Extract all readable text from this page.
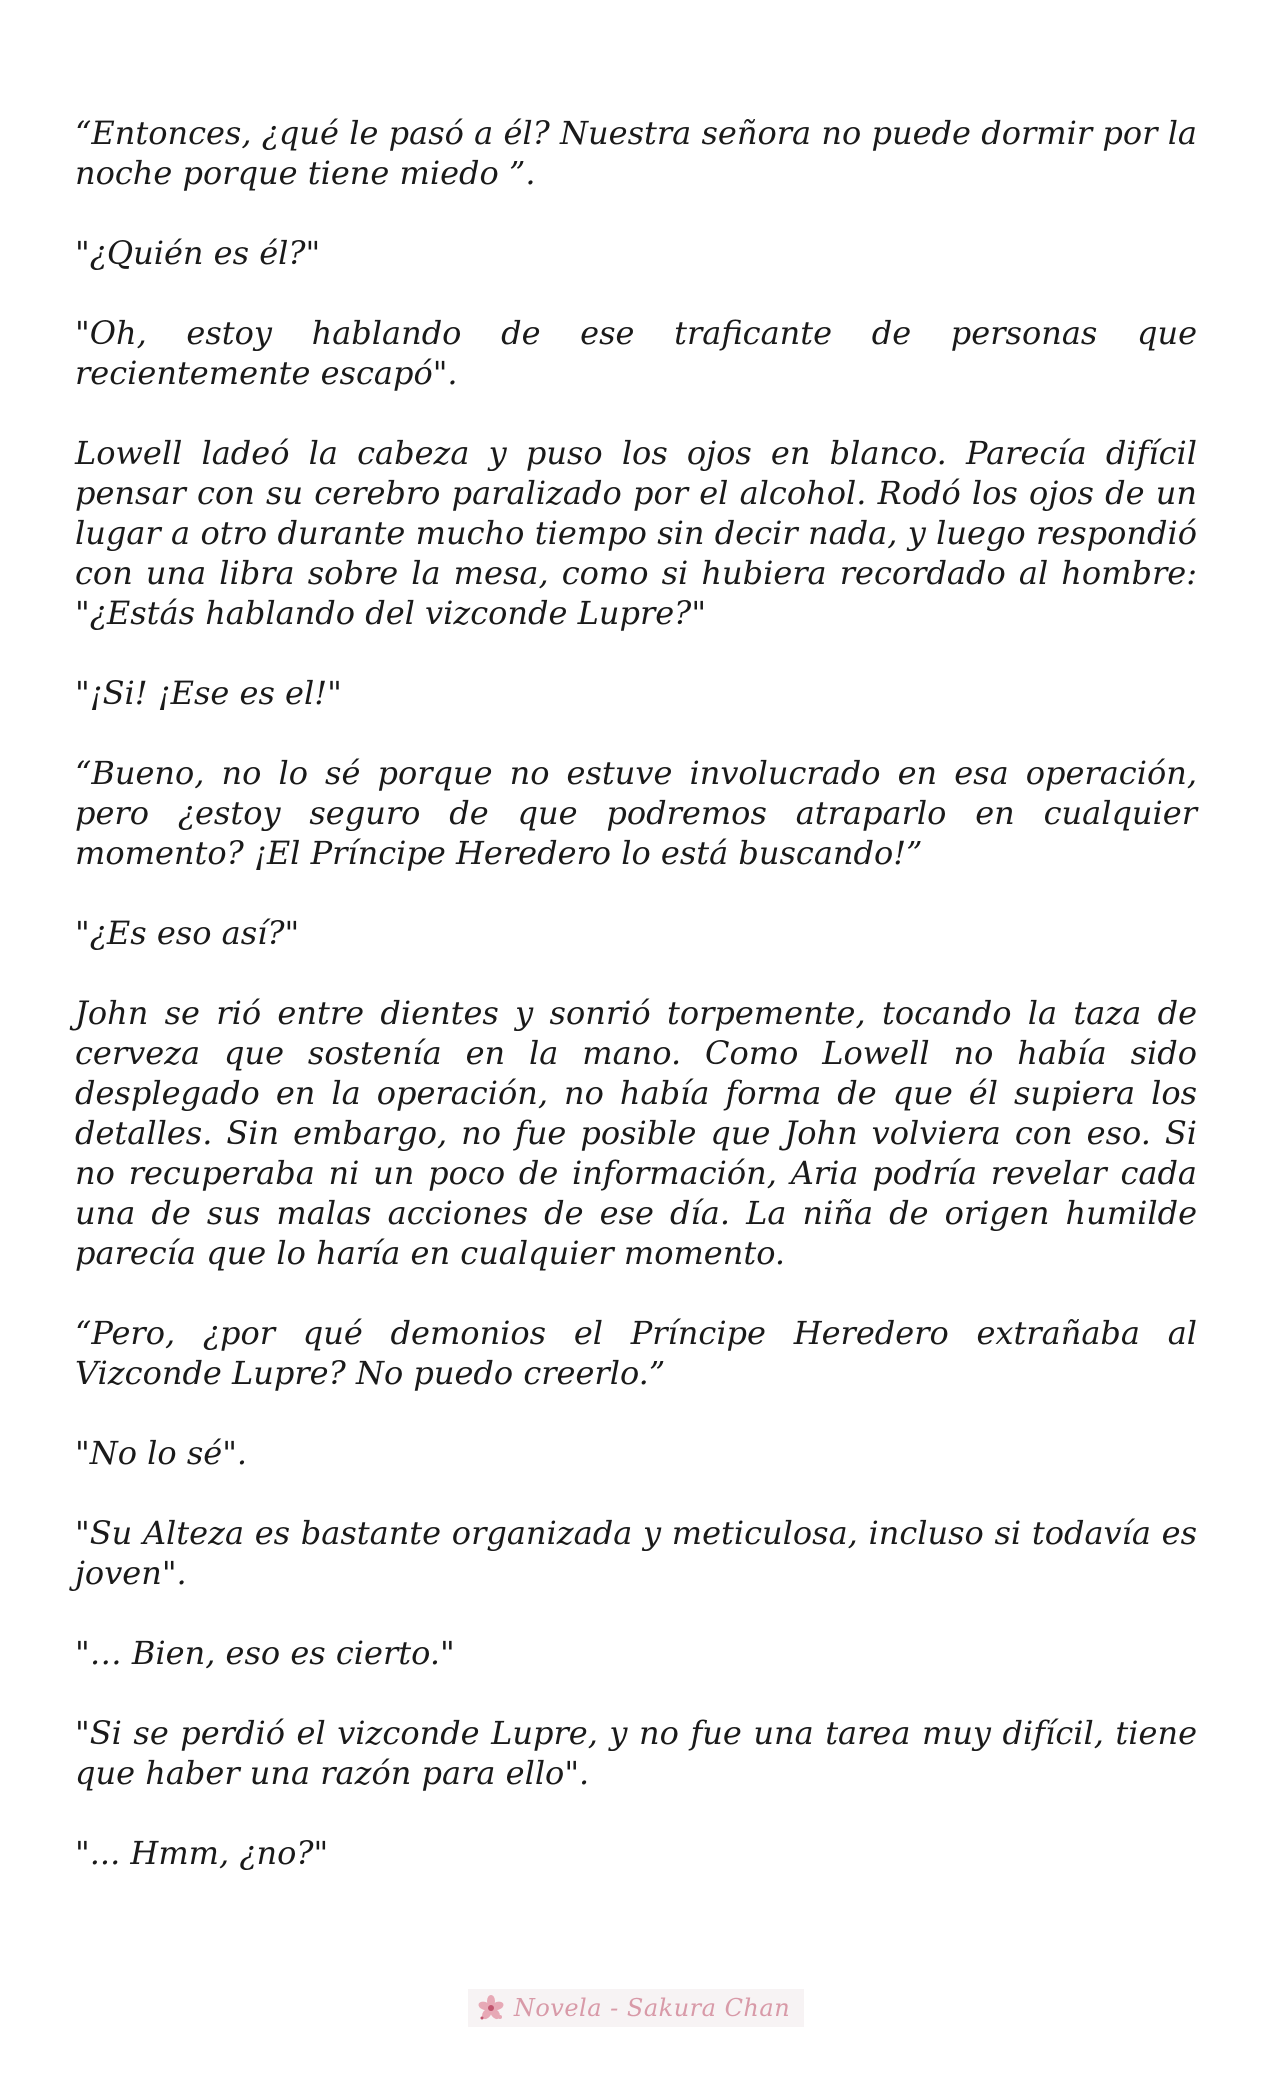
“Entonces, ¿qué le pasó a él? Nuestra señora no puede dormir por la noche porque tiene miedo ”.

"¿Quién es él?"

"Oh, estoy hablando de ese traficante de personas que recientemente escapó".

Lowell ladeó la cabeza y puso los ojos en blanco. Parecía difícil pensar con su cerebro paralizado por el alcohol. Rodó los ojos de un lugar a otro durante mucho tiempo sin decir nada, y luego respondió con una libra sobre la mesa, como si hubiera recordado al hombre: "¿Estás hablando del vizconde Lupre?"

"¡Si! ¡Ese es el!"

“Bueno, no lo sé porque no estuve involucrado en esa operación, pero ¿estoy seguro de que podremos atraparlo en cualquier momento? ¡El Príncipe Heredero lo está buscando!”

"¿Es eso así?"

John se rió entre dientes y sonrió torpemente, tocando la taza de cerveza que sostenía en la mano. Como Lowell no había sido desplegado en la operación, no había forma de que él supiera los detalles. Sin embargo, no fue posible que John volviera con eso. Si no recuperaba ni un poco de información, Aria podría revelar cada una de sus malas acciones de ese día. La niña de origen humilde parecía que lo haría en cualquier momento.

“Pero, ¿por qué demonios el Príncipe Heredero extrañaba al Vizconde Lupre? No puedo creerlo.”

"No lo sé".

"Su Alteza es bastante organizada y meticulosa, incluso si todavía es joven".

"… Bien, eso es cierto."

"Si se perdió el vizconde Lupre, y no fue una tarea muy difícil, tiene que haber una razón para ello".

"... Hmm, ¿no?"

Novela - Sakura Chan
